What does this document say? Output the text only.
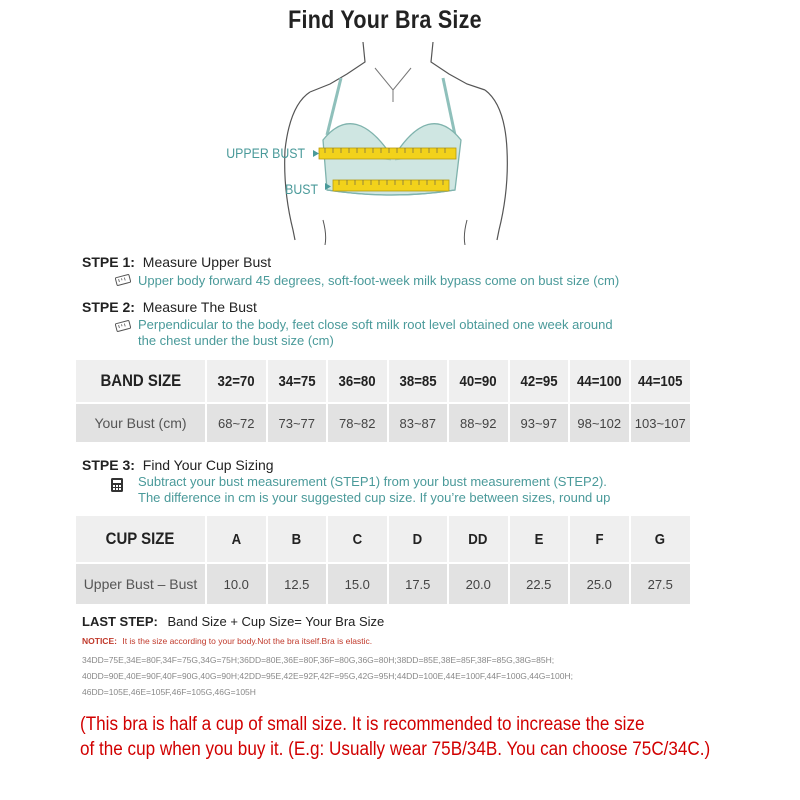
Find Your Bra Size
UPPER BUST
BUST
STPE 1: Measure Upper Bust
Upper body forward 45 degrees, soft-foot-week milk bypass come on bust size (cm)
STPE 2: Measure The Bust
Perpendicular to the body, feet close soft milk root level obtained one week around
the chest under the bust size (cm)
BAND SIZE	32=70	34=75	36=80	38=85	40=90	42=95	44=100	44=105
Your Bust (cm)	68~72	73~77	78~82	83~87	88~92	93~97	98~102	103~107
STPE 3: Find Your Cup Sizing
Subtract your bust measurement (STEP1) from your bust measurement (STEP2).
The difference in cm is your suggested cup size. If you’re between sizes, round up
CUP SIZE	A	B	C	D	DD	E	F	G
Upper Bust – Bust	10.0	12.5	15.0	17.5	20.0	22.5	25.0	27.5
LAST STEP: Band Size + Cup Size= Your Bra Size
NOTICE: It is the size according to your body.Not the bra itself.Bra is elastic.
34DD=75E,34E=80F,34F=75G,34G=75H;36DD=80E,36E=80F,36F=80G,36G=80H;38DD=85E,38E=85F,38F=85G,38G=85H;
40DD=90E,40E=90F,40F=90G,40G=90H;42DD=95E,42E=92F,42F=95G,42G=95H;44DD=100E,44E=100F,44F=100G,44G=100H;
46DD=105E,46E=105F,46F=105G,46G=105H
(This bra is half a cup of small size. It is recommended to increase the size
of the cup when you buy it. (E.g: Usually wear 75B/34B. You can choose 75C/34C.)
